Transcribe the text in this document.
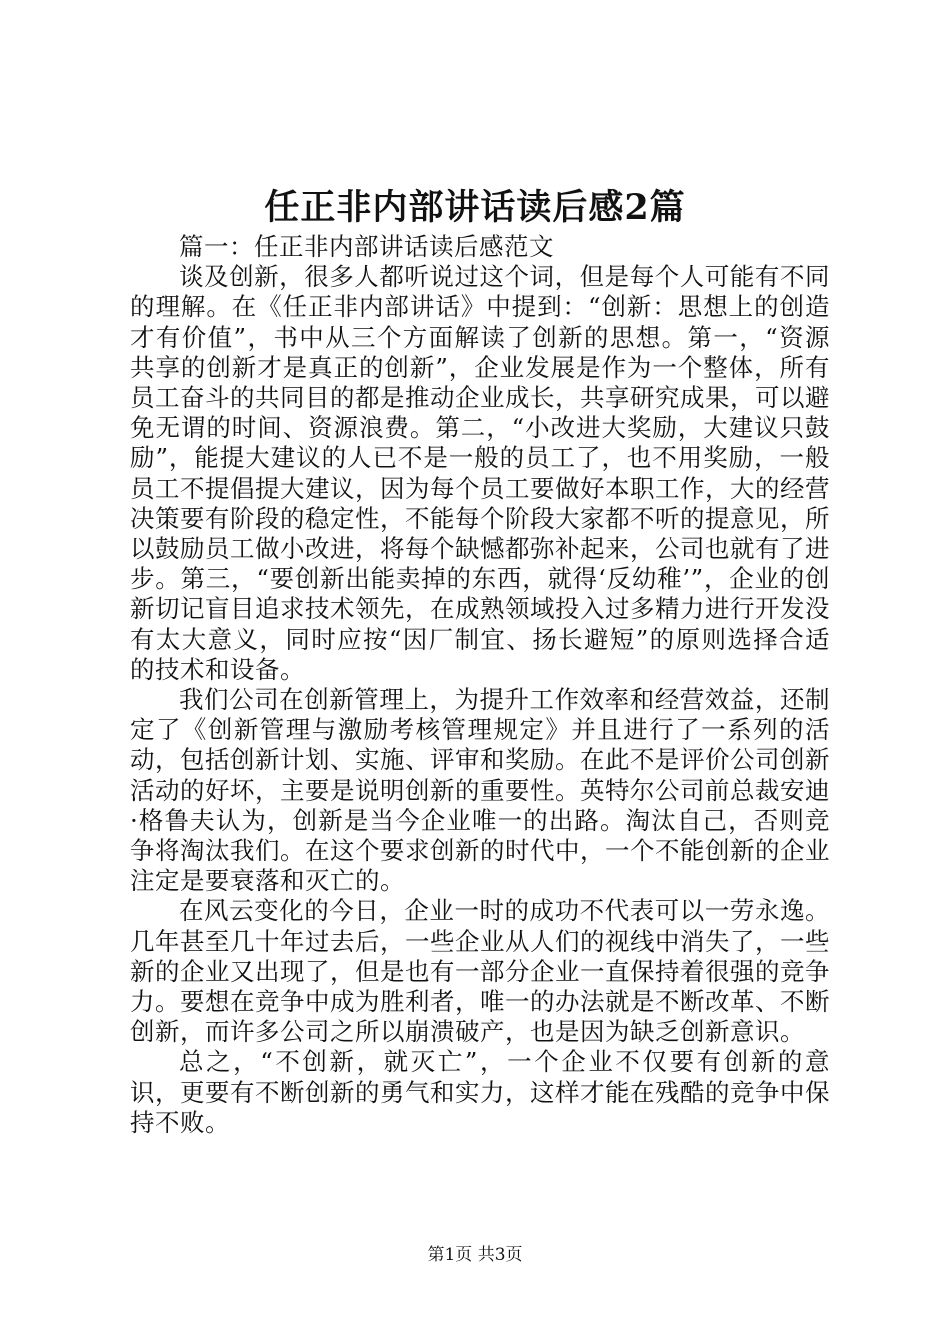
任正非内部讲话读后感2篇

篇一：任正非内部讲话读后感范文

谈及创新，很多人都听说过这个词，但是每个人可能有不同的理解。在《任正非内部讲话》中提到：“创新：思想上的创造才有价值”，书中从三个方面解读了创新的思想。第一，“资源共享的创新才是真正的创新”，企业发展是作为一个整体，所有员工奋斗的共同目的都是推动企业成长，共享研究成果，可以避免无谓的时间、资源浪费。第二，“小改进大奖励，大建议只鼓励”，能提大建议的人已不是一般的员工了，也不用奖励，一般员工不提倡提大建议，因为每个员工要做好本职工作，大的经营决策要有阶段的稳定性，不能每个阶段大家都不听的提意见，所以鼓励员工做小改进，将每个缺憾都弥补起来，公司也就有了进步。第三，“要创新出能卖掉的东西，就得‘反幼稚’”，企业的创新切记盲目追求技术领先，在成熟领域投入过多精力进行开发没有太大意义，同时应按“因厂制宜、扬长避短”的原则选择合适的技术和设备。

我们公司在创新管理上，为提升工作效率和经营效益，还制定了《创新管理与激励考核管理规定》并且进行了一系列的活动，包括创新计划、实施、评审和奖励。在此不是评价公司创新活动的好坏，主要是说明创新的重要性。英特尔公司前总裁安迪·格鲁夫认为，创新是当今企业唯一的出路。淘汰自己，否则竞争将淘汰我们。在这个要求创新的时代中，一个不能创新的企业注定是要衰落和灭亡的。

在风云变化的今日，企业一时的成功不代表可以一劳永逸。几年甚至几十年过去后，一些企业从人们的视线中消失了，一些新的企业又出现了，但是也有一部分企业一直保持着很强的竞争力。要想在竞争中成为胜利者，唯一的办法就是不断改革、不断创新，而许多公司之所以崩溃破产，也是因为缺乏创新意识。

总之，“不创新，就灭亡”，一个企业不仅要有创新的意识，更要有不断创新的勇气和实力，这样才能在残酷的竞争中保持不败。

第1页 共3页
